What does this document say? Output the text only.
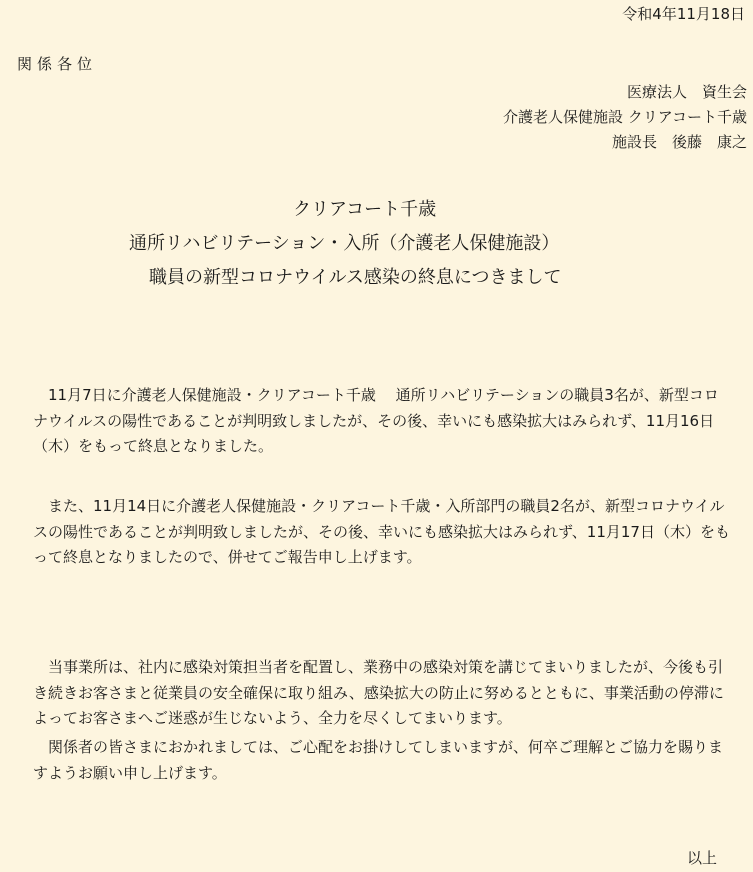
令和4年11月18日
関係各位
医療法人　資生会
介護老人保健施設 クリアコート千歳
施設長　後藤　康之
クリアコート千歳
通所リハビリテーション・入所（介護老人保健施設）
職員の新型コロナウイルス感染の終息につきまして

11月7日に介護老人保健施設・クリアコート千歳　 通所リハビリテーションの職員3名が、新型コロナウイルスの陽性であることが判明致しましたが、その後、幸いにも感染拡大はみられず、11月16日（木）をもって終息となりました。

また、11月14日に介護老人保健施設・クリアコート千歳・入所部門の職員2名が、新型コロナウイルスの陽性であることが判明致しましたが、その後、幸いにも感染拡大はみられず、11月17日（木）をもって終息となりましたので、併せてご報告申し上げます。

当事業所は、社内に感染対策担当者を配置し、業務中の感染対策を講じてまいりましたが、今後も引き続きお客さまと従業員の安全確保に取り組み、感染拡大の防止に努めるとともに、事業活動の停滞によってお客さまへご迷惑が生じないよう、全力を尽くしてまいります。

関係者の皆さまにおかれましては、ご心配をお掛けしてしまいますが、何卒ご理解とご協力を賜りますようお願い申し上げます。

以上
